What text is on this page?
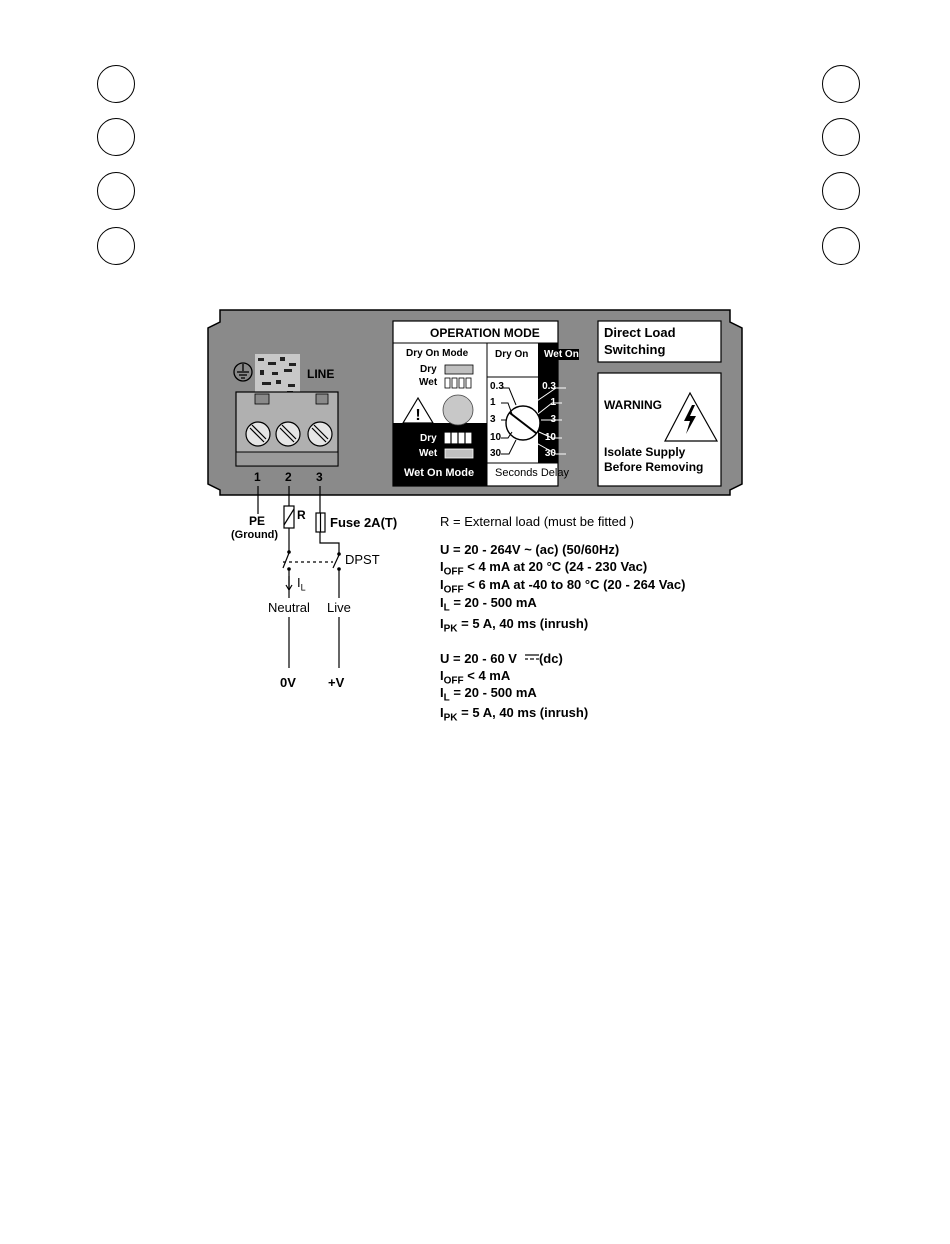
!
LINE
1 2 3
OPERATION MODE
Dry On Mode
Dry
Wet
Dry
Wet
Wet On Mode
Dry On Wet On
Seconds Delay
0.3
1
3
10
30
0.3
1
3
10
30
Direct Load
Switching
WARNING
Isolate Supply
Before Removing
PE
(Ground)
R Fuse 2A(T)
DPST
$I_L$
Neutral Live
0V +V
R = External load (must be fitted )
U = 20 - 264V ~ (ac) (50/60Hz)
$I_{OFF} < 4$ mA at 20 °C (24 - 230 Vac)
$I_{OFF} < 6$ mA at -40 to 80 °C (20 - 264 Vac)
$I_L = 20 - 500$ mA
$I_{PK} = 5$ A, 40 ms (inrush)
U = 20 - 60 V (dc)
$I_{OFF} < 4$ mA
$I_L = 20 - 500$ mA
$I_{PK} = 5$ A, 40 ms (inrush)
